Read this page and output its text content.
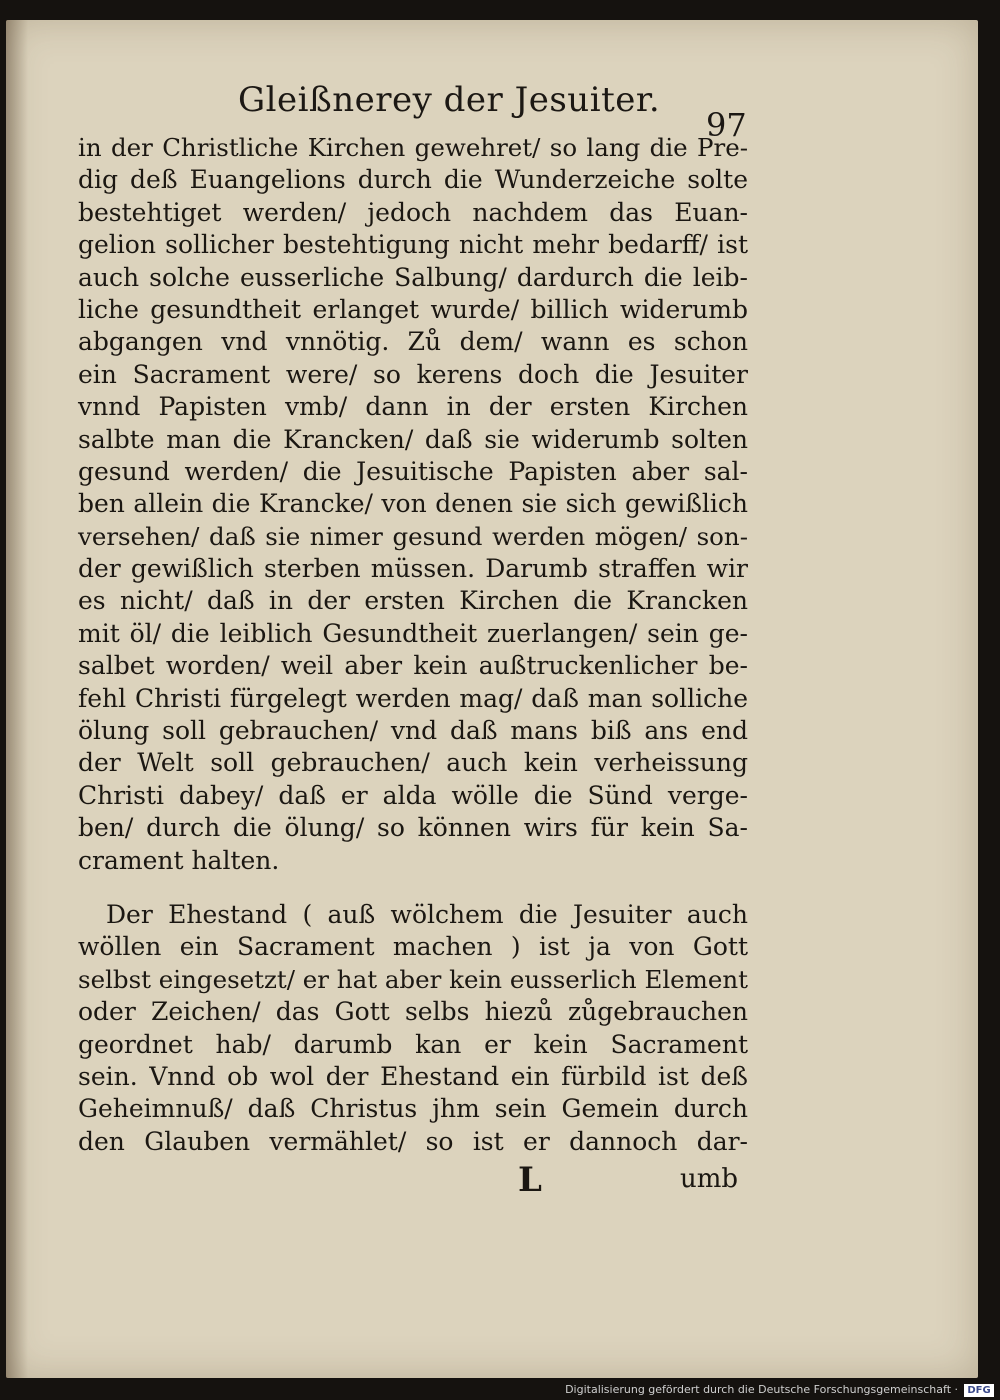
Gleißnerey der Jesuiter.
97
in der Christliche Kirchen gewehret/ so lang die Pre-
dig deß Euangelions durch die Wunderzeiche solte
bestehtiget werden/ jedoch nachdem das Euan-
gelion sollicher bestehtigung nicht mehr bedarff/ ist
auch solche eusserliche Salbung/ dardurch die leib-
liche gesundtheit erlanget wurde/ billich widerumb
abgangen vnd vnnötig. Zů dem/ wann es schon
ein Sacrament were/ so kerens doch die Jesuiter
vnnd Papisten vmb/ dann in der ersten Kirchen
salbte man die Krancken/ daß sie widerumb solten
gesund werden/ die Jesuitische Papisten aber sal-
ben allein die Krancke/ von denen sie sich gewißlich
versehen/ daß sie nimer gesund werden mögen/ son-
der gewißlich sterben müssen. Darumb straffen wir
es nicht/ daß in der ersten Kirchen die Krancken
mit öl/ die leiblich Gesundtheit zuerlangen/ sein ge-
salbet worden/ weil aber kein außtruckenlicher be-
fehl Christi fürgelegt werden mag/ daß man solliche
ölung soll gebrauchen/ vnd daß mans biß ans end
der Welt soll gebrauchen/ auch kein verheissung
Christi dabey/ daß er alda wölle die Sünd verge-
ben/ durch die ölung/ so können wirs für kein Sa-
crament halten.
Der Ehestand ( auß wölchem die Jesuiter auch
wöllen ein Sacrament machen ) ist ja von Gott
selbst eingesetzt/ er hat aber kein eusserlich Element
oder Zeichen/ das Gott selbs hiezů zůgebrauchen
geordnet hab/ darumb kan er kein Sacrament
sein. Vnnd ob wol der Ehestand ein fürbild ist deß
Geheimnuß/ daß Christus jhm sein Gemein durch
den Glauben vermählet/ so ist er dannoch dar-
L	umb
Digitalisierung gefördert durch die Deutsche Forschungsgemeinschaft · DFG
